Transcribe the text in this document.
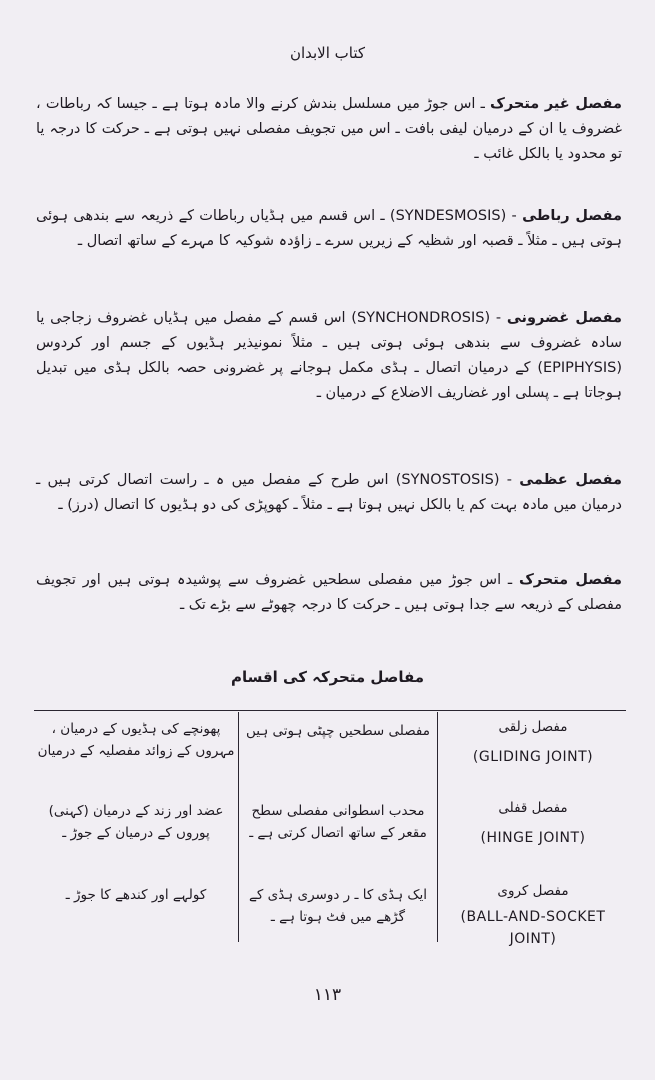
کتاب الابدان

مفصل غیر متحرک ـ اس جوڑ میں مسلسل بندش کرنے والا مادہ ہوتا ہے ـ جیسا کہ رباطات ، غضروف یا ان کے درمیان لیفی بافت ـ اس میں تجویف مفصلی نہیں ہوتی ہے ـ حرکت کا درجہ یا تو محدود یا بالکل غائب ـ

مفصل رباطی - (SYNDESMOSIS) ـ اس قسم میں ہڈیاں رباطات کے ذریعہ سے بندھی ہوئی ہوتی ہیں ـ مثلاً ـ قصبہ اور شظیہ کے زیریں سرے ـ زاؤدہ شوکیہ کا مہرے کے ساتھ اتصال ـ

مفصل غضرونی - (SYNCHONDROSIS) اس قسم کے مفصل میں ہڈیاں غضروف زجاجی یا سادہ غضروف سے بندھی ہوئی ہوتی ہیں ـ مثلاً نمونیذیر ہڈیوں کے جسم اور کردوس (EPIPHYSIS) کے درمیان اتصال ـ ہڈی مکمل ہوجانے پر غضرونی حصہ بالکل ہڈی میں تبدیل ہوجاتا ہے ـ پسلی اور غضاریف الاضلاع کے درمیان ـ

مفصل عظمی - (SYNOSTOSIS) اس طرح کے مفصل میں ہ ـ راست اتصال کرتی ہیں ـ درمیان میں مادہ بہت کم یا بالکل نہیں ہوتا ہے ـ مثلاً ـ کھوپڑی کی دو ہڈیوں کا اتصال (درز) ـ

مفصل متحرک ـ اس جوڑ میں مفصلی سطحیں غضروف سے پوشیدہ ہوتی ہیں اور تجویف مفصلی کے ذریعہ سے جدا ہوتی ہیں ـ حرکت کا درجہ چھوٹے سے بڑے تک ـ

مفاصل متحرکہ کی اقسام
مفصل زلقی
(GLIDING JOINT)
مفصلی سطحیں چپٹی ہوتی ہیں
پھونچے کی ہڈیوں کے درمیان ، مہروں کے زوائد مفصلیہ کے درمیان
مفصل قفلی
(HINGE JOINT)
محدب اسطوانی مفصلی سطح مقعر کے ساتھ اتصال کرتی ہے ـ
عضد اور زند کے درمیان (کہنی) پوروں کے درمیان کے جوڑ ـ
مفصل کروی
(BALL-AND-SOCKET JOINT)
ایک ہڈی کا ـ ر دوسری ہڈی کے گڑھے میں فٹ ہوتا ہے ـ
کولہے اور کندھے کا جوڑ ـ
۱۱۳
